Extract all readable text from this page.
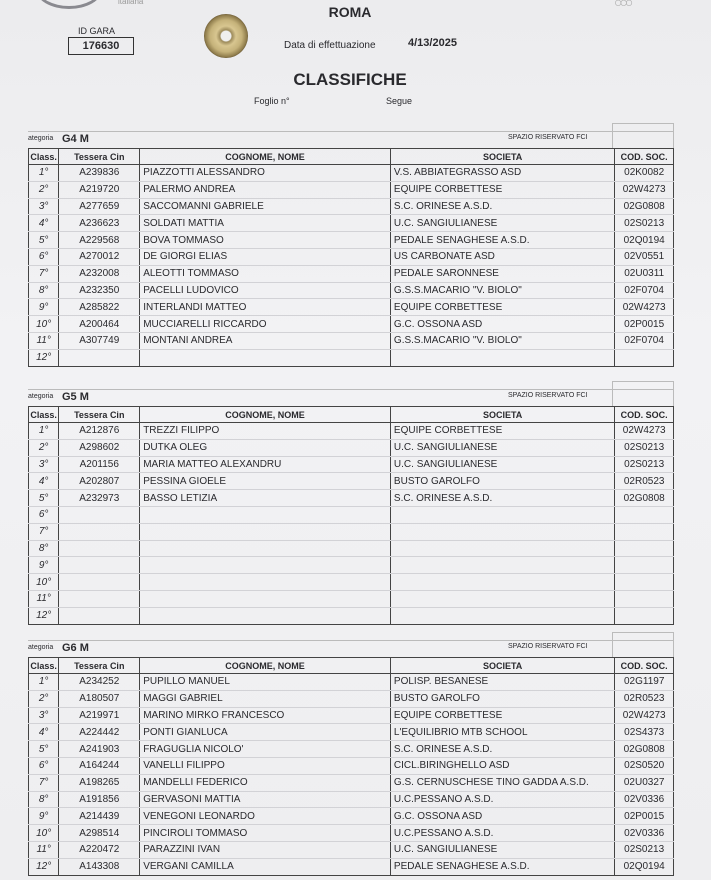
italiana	○○○
ROMA
ID GARA
176630	Data di effettuazione	4/13/2025
CLASSIFICHE
Foglio n°	Segue
ategoria G4 M	SPAZIO RISERVATO FCI
Class.	Tessera Cin	COGNOME, NOME	SOCIETA	COD. SOC.
1°	A239836	PIAZZOTTI ALESSANDRO	V.S. ABBIATEGRASSO ASD	02K0082
2°	A219720	PALERMO ANDREA	EQUIPE CORBETTESE	02W4273
3°	A277659	SACCOMANNI GABRIELE	S.C. ORINESE A.S.D.	02G0808
4°	A236623	SOLDATI MATTIA	U.C. SANGIULIANESE	02S0213
5°	A229568	BOVA TOMMASO	PEDALE SENAGHESE A.S.D.	02Q0194
6°	A270012	DE GIORGI ELIAS	US CARBONATE ASD	02V0551
7°	A232008	ALEOTTI TOMMASO	PEDALE SARONNESE	02U0311
8°	A232350	PACELLI LUDOVICO	G.S.S.MACARIO "V. BIOLO"	02F0704
9°	A285822	INTERLANDI MATTEO	EQUIPE CORBETTESE	02W4273
10°	A200464	MUCCIARELLI RICCARDO	G.C. OSSONA ASD	02P0015
11°	A307749	MONTANI ANDREA	G.S.S.MACARIO "V. BIOLO"	02F0704
12°				
ategoria G5 M	SPAZIO RISERVATO FCI
Class.	Tessera Cin	COGNOME, NOME	SOCIETA	COD. SOC.
1°	A212876	TREZZI FILIPPO	EQUIPE CORBETTESE	02W4273
2°	A298602	DUTKA OLEG	U.C. SANGIULIANESE	02S0213
3°	A201156	MARIA MATTEO ALEXANDRU	U.C. SANGIULIANESE	02S0213
4°	A202807	PESSINA GIOELE	BUSTO GAROLFO	02R0523
5°	A232973	BASSO LETIZIA	S.C. ORINESE A.S.D.	02G0808
6°				
7°				
8°				
9°				
10°				
11°				
12°				
ategoria G6 M	SPAZIO RISERVATO FCI
Class.	Tessera Cin	COGNOME, NOME	SOCIETA	COD. SOC.
1°	A234252	PUPILLO MANUEL	POLISP. BESANESE	02G1197
2°	A180507	MAGGI GABRIEL	BUSTO GAROLFO	02R0523
3°	A219971	MARINO MIRKO FRANCESCO	EQUIPE CORBETTESE	02W4273
4°	A224442	PONTI GIANLUCA	L'EQUILIBRIO MTB SCHOOL	02S4373
5°	A241903	FRAGUGLIA NICOLO'	S.C. ORINESE A.S.D.	02G0808
6°	A164244	VANELLI FILIPPO	CICL.BIRINGHELLO ASD	02S0520
7°	A198265	MANDELLI FEDERICO	G.S. CERNUSCHESE TINO GADDA A.S.D.	02U0327
8°	A191856	GERVASONI MATTIA	U.C.PESSANO A.S.D.	02V0336
9°	A214439	VENEGONI LEONARDO	G.C. OSSONA ASD	02P0015
10°	A298514	PINCIROLI TOMMASO	U.C.PESSANO A.S.D.	02V0336
11°	A220472	PARAZZINI IVAN	U.C. SANGIULIANESE	02S0213
12°	A143308	VERGANI CAMILLA	PEDALE SENAGHESE A.S.D.	02Q0194
